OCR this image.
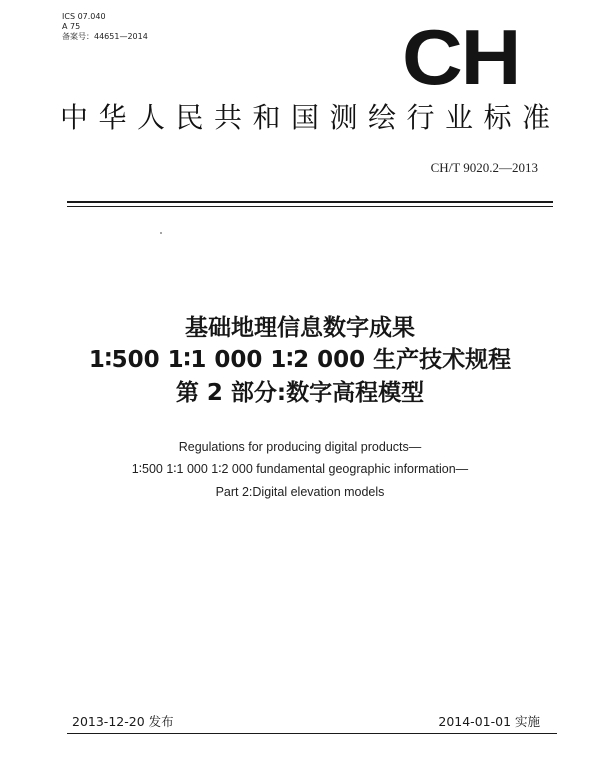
ICS 07.040
A 75
备案号：44651—2014	CH
中华人民共和国测绘行业标准
CH/T 9020.2—2013
基础地理信息数字成果
1∶500 1∶1 000 1∶2 000 生产技术规程
第 2 部分:数字高程模型
Regulations for producing digital products—
1∶500 1∶1 000 1∶2 000 fundamental geographic information—
Part 2:Digital elevation models
2013-12-20 发布	2014-01-01 实施
